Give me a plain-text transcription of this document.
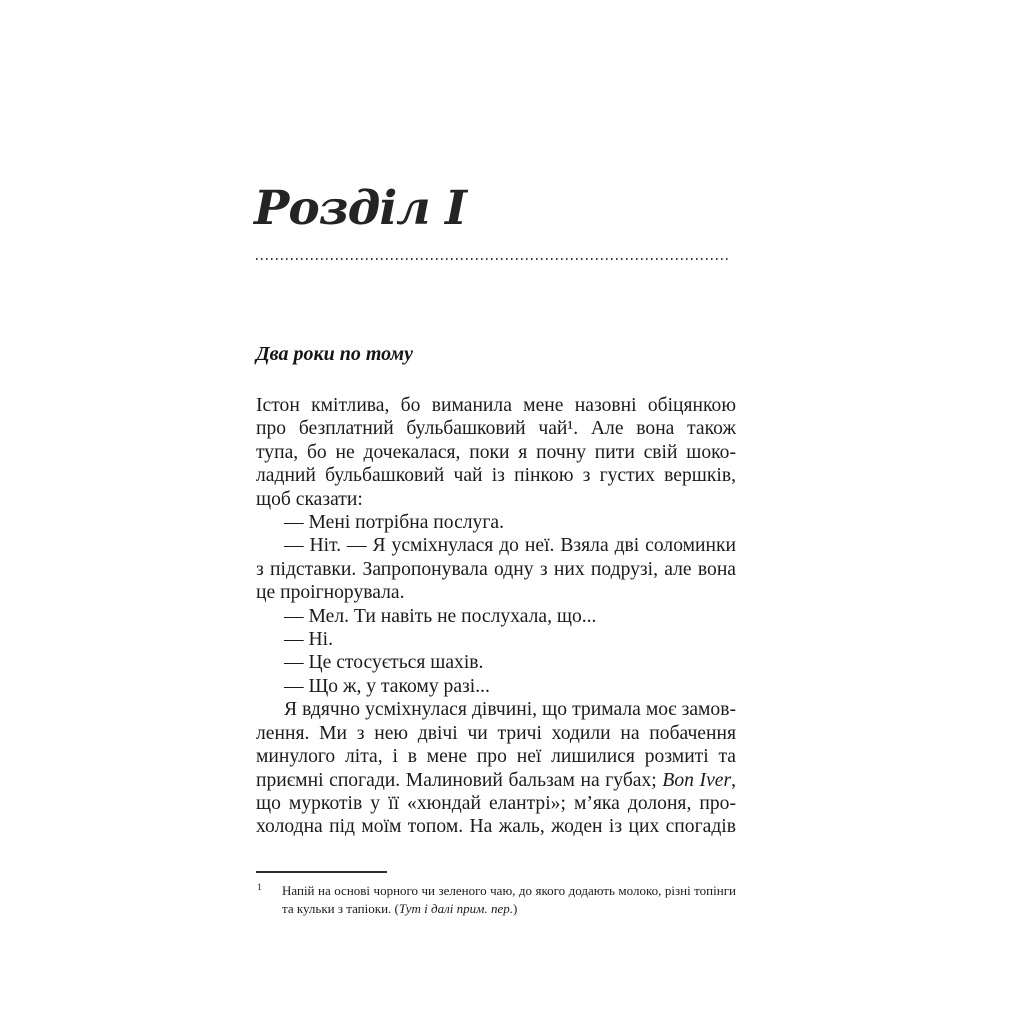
Розділ І
Два роки по тому
Істон кмітлива, бо виманила мене назовні обіцянкою
про безплатний бульбашковий чай¹. Але вона також
тупа, бо не дочекалася, поки я почну пити свій шоко-
ладний бульбашковий чай із пінкою з густих вершків,
щоб сказати:
— Мені потрібна послуга.
— Ніт. — Я усміхнулася до неї. Взяла дві соломинки
з підставки. Запропонувала одну з них подрузі, але вона
це проігнорувала.
— Мел. Ти навіть не послухала, що...
— Ні.
— Це стосується шахів.
— Що ж, у такому разі...
Я вдячно усміхнулася дівчині, що тримала моє замов-
лення. Ми з нею двічі чи тричі ходили на побачення
минулого літа, і в мене про неї лишилися розмиті та
приємні спогади. Малиновий бальзам на губах; Bon Iver,
що муркотів у її «хюндай елантрі»; м’яка долоня, про-
холодна під моїм топом. На жаль, жоден із цих спогадів
1 Напій на основі чорного чи зеленого чаю, до якого додають молоко, різні топінги
та кульки з тапіоки. (Тут і далі прим. пер.)
